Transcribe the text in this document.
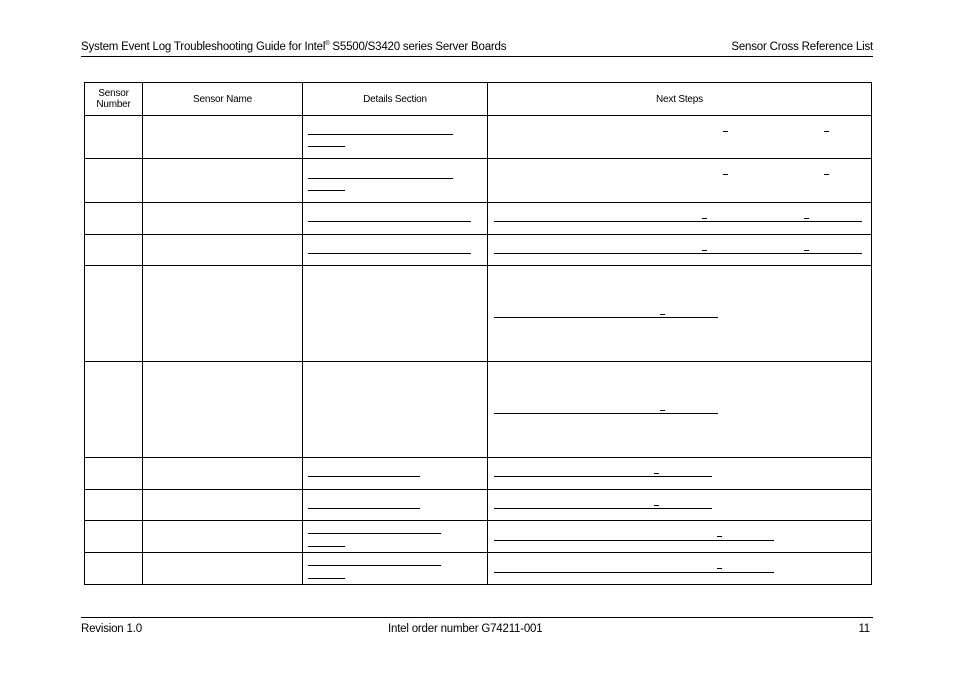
System Event Log Troubleshooting Guide for Intel® S5500/S3420 series Server Boards	Sensor Cross Reference List
Sensor
Number	Sensor Name	Details Section	Next Steps

Revision 1.0	Intel order number G74211-001	11
